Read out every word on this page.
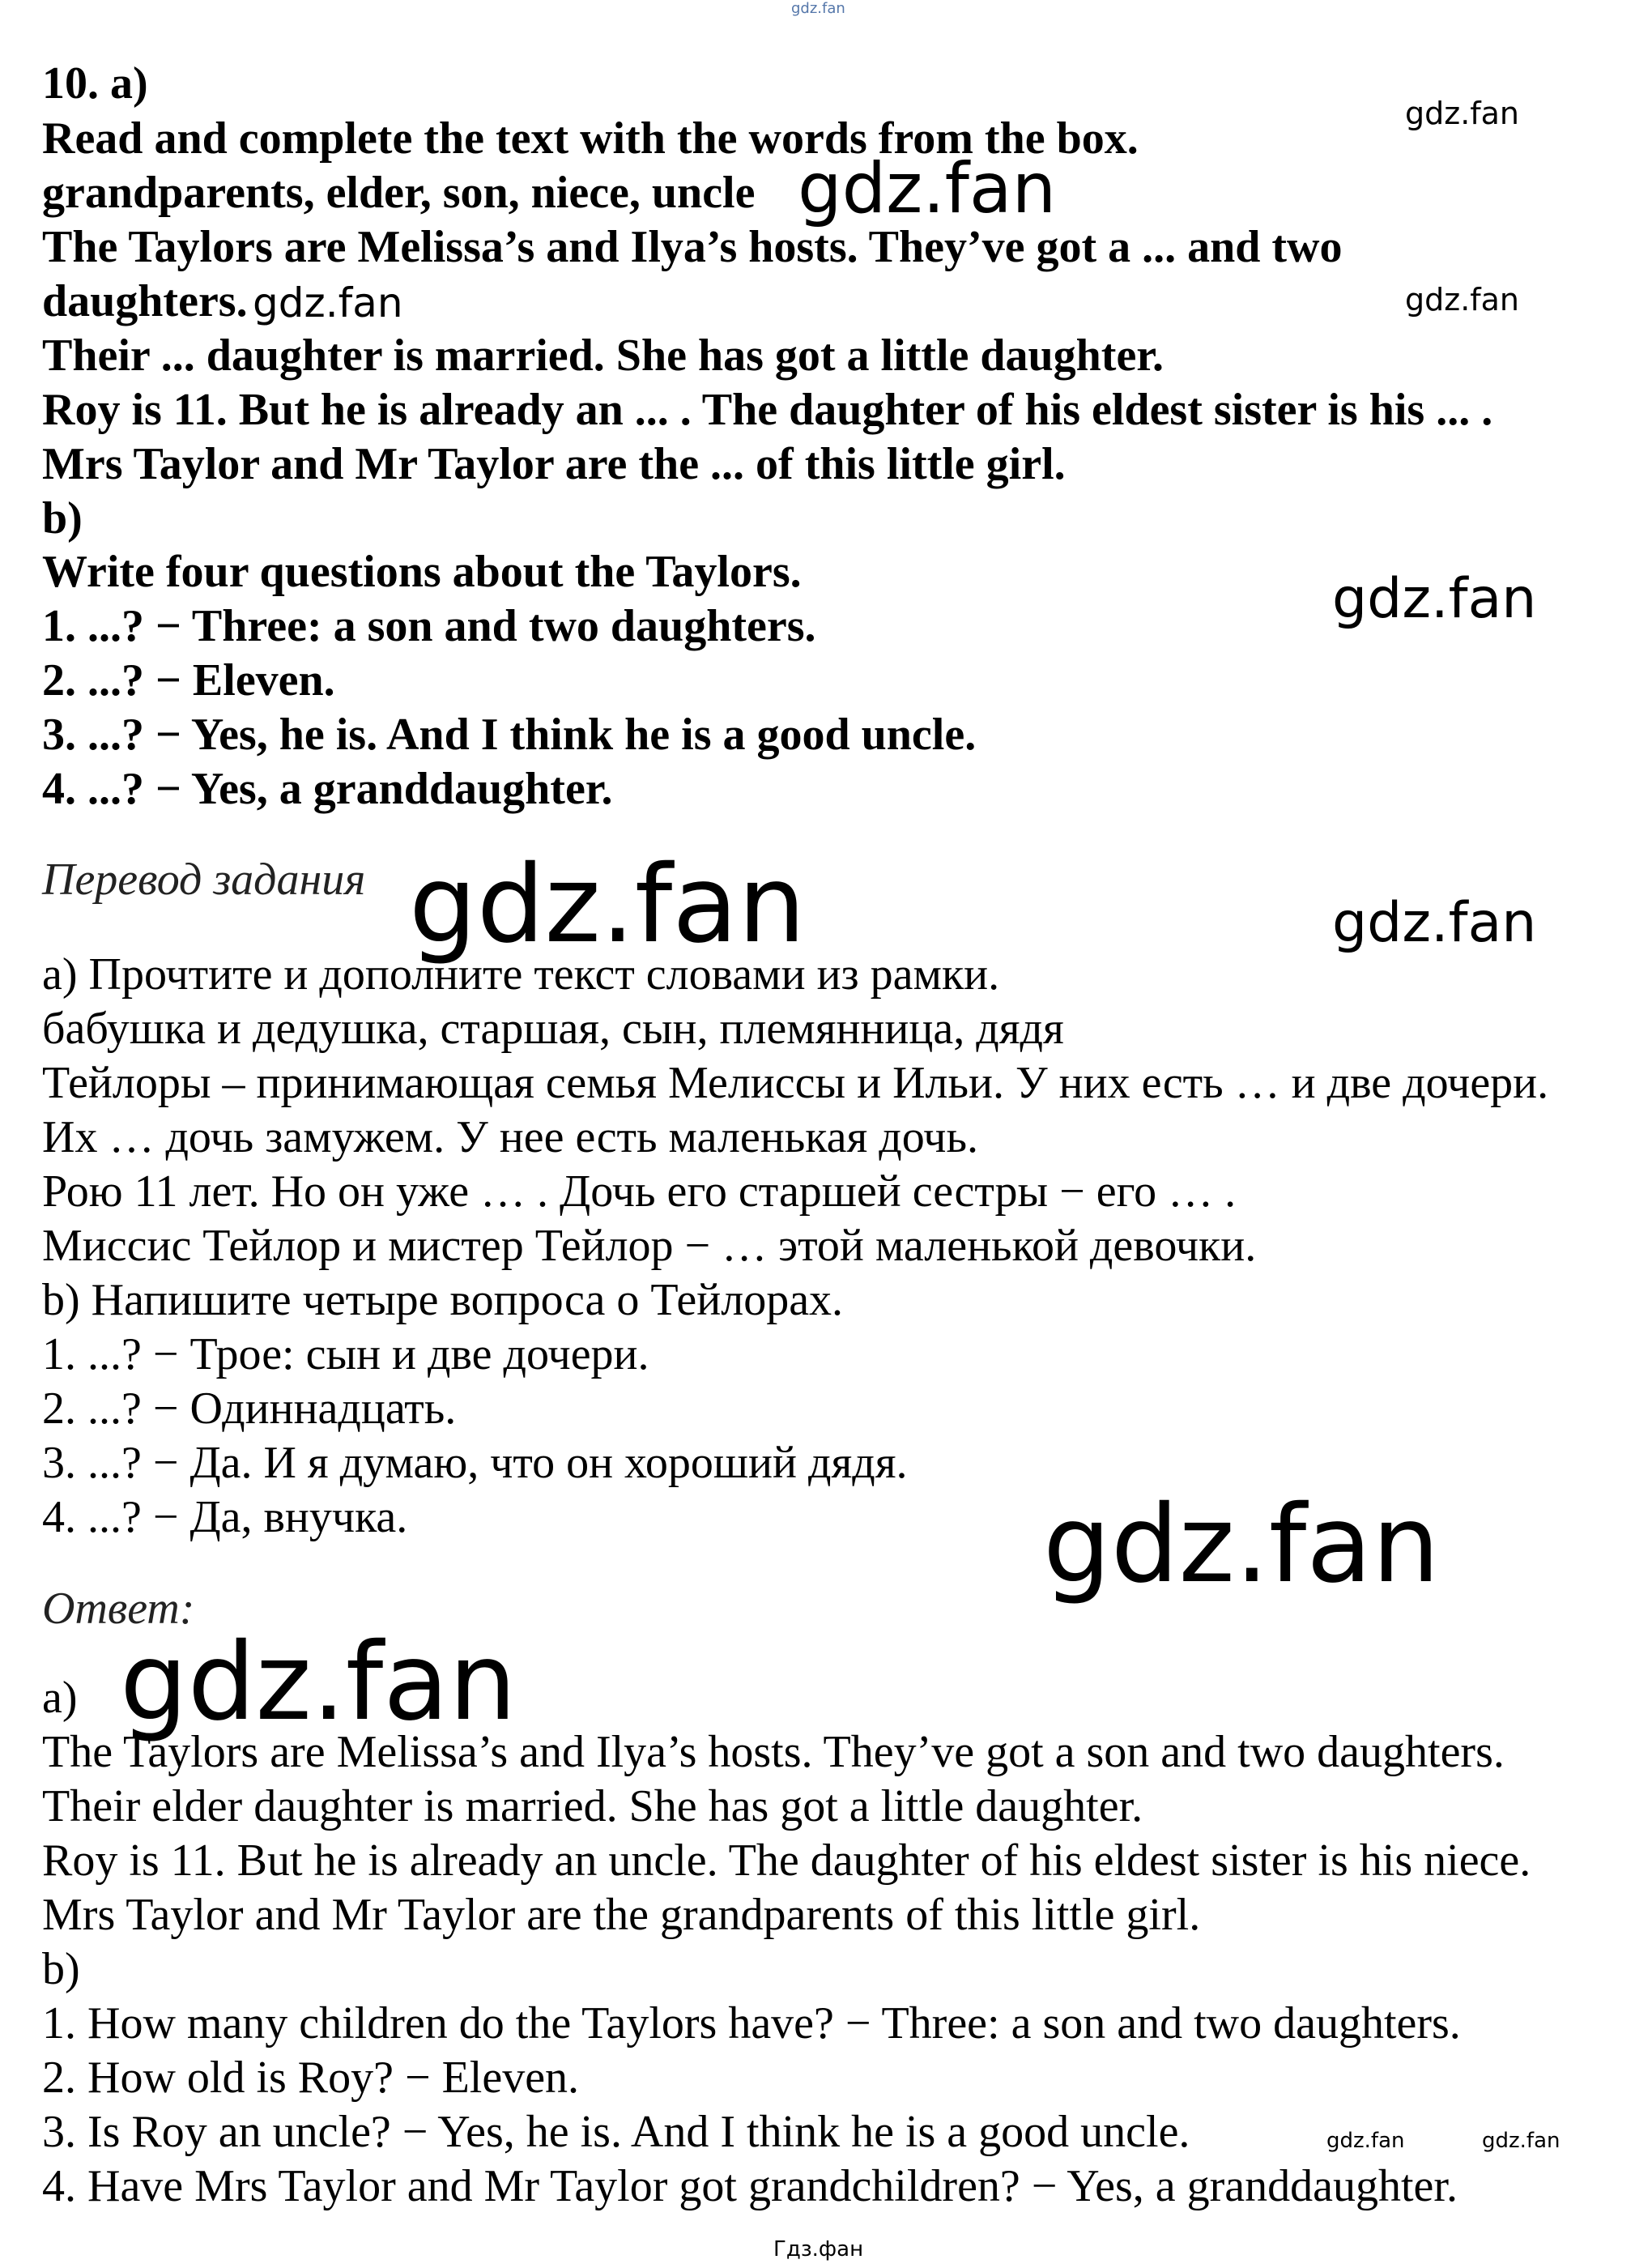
gdz.fan
gdz.fan
gdz.fan
gdz.fan
gdz.fan
gdz.fan	gdz.fan
gdz.fan
gdz.fan
gdz.fan	gdz.fan
10. a)
Read and complete the text with the words from the box.
grandparents, elder, son, niece, uncle
The Taylors are Melissa’s and Ilya’s hosts. They’ve got a ... and two
daughters. gdz.fan
Their ... daughter is married. She has got a little daughter.
Roy is 11. But he is already an ... . The daughter of his eldest sister is his ... .
Mrs Taylor and Mr Taylor are the ... of this little girl.
b)
Write four questions about the Taylors.
1. ...? − Three: a son and two daughters.
2. ...? − Eleven.
3. ...? − Yes, he is. And I think he is a good uncle.
4. ...? − Yes, a granddaughter.
Перевод задания
а) Прочтите и дополните текст словами из рамки.
бабушка и дедушка, старшая, сын, племянница, дядя
Тейлоры – принимающая семья Мелиссы и Ильи. У них есть … и две дочери.
Их … дочь замужем. У нее есть маленькая дочь.
Рою 11 лет. Но он уже … . Дочь его старшей сестры − его … .
Миссис Тейлор и мистер Тейлор − … этой маленькой девочки.
b) Напишите четыре вопроса о Тейлорах.
1. ...? − Трое: сын и две дочери.
2. ...? − Одиннадцать.
3. ...? − Да. И я думаю, что он хороший дядя.
4. ...? − Да, внучка.
Ответ:
a)
The Taylors are Melissa’s and Ilya’s hosts. They’ve got a son and two daughters.
Their elder daughter is married. She has got a little daughter.
Roy is 11. But he is already an uncle. The daughter of his eldest sister is his niece.
Mrs Taylor and Mr Taylor are the grandparents of this little girl.
b)
1. How many children do the Taylors have? − Three: a son and two daughters.
2. How old is Roy? − Eleven.
3. Is Roy an uncle? − Yes, he is. And I think he is a good uncle.
4. Have Mrs Taylor and Mr Taylor got grandchildren? − Yes, a granddaughter.
Гдз.фан
